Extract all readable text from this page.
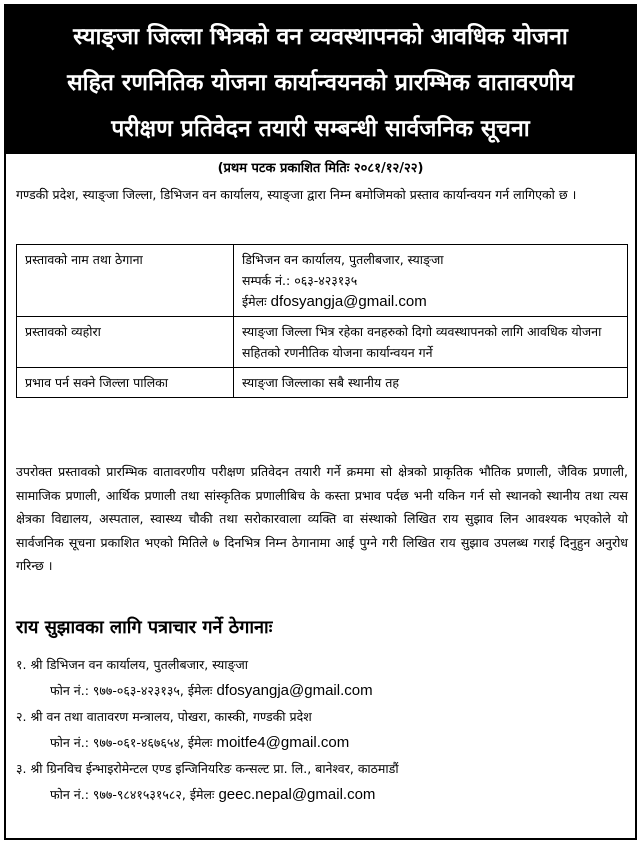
स्याङ्जा जिल्ला भित्रको वन व्यवस्थापनको आवधिक योजना
सहित रणनितिक योजना कार्यान्वयनको प्रारम्भिक वातावरणीय
परीक्षण प्रतिवेदन तयारी सम्बन्धी सार्वजनिक सूचना
(प्रथम पटक प्रकाशित मितिः २०८१/१२/२२)
गण्डकी प्रदेश, स्याङ्जा जिल्ला, डिभिजन वन कार्यालय, स्याङ्जा द्वारा निम्न बमोजिमको प्रस्ताव कार्यान्वयन गर्न लागिएको छ ।
प्रस्तावको नाम तथा ठेगाना	डिभिजन वन कार्यालय, पुतलीबजार, स्याङ्जा
सम्पर्क नं.: ०६३-४२३१३५
ईमेलः dfosyangja@gmail.com

प्रस्तावको व्यहोरा	स्याङ्जा जिल्ला भित्र रहेका वनहरुको दिगो व्यवस्थापनको लागि आवधिक योजना सहितको रणनीतिक योजना कार्यान्वयन गर्ने
प्रभाव पर्न सक्ने जिल्ला पालिका	स्याङ्जा जिल्लाका सबै स्थानीय तह
उपरोक्त प्रस्तावको प्रारम्भिक वातावरणीय परीक्षण प्रतिवेदन तयारी गर्ने क्रममा सो क्षेत्रको प्राकृतिक भौतिक प्रणाली, जैविक प्रणाली, सामाजिक प्रणाली, आर्थिक प्रणाली तथा सांस्कृतिक प्रणालीबिच के कस्ता प्रभाव पर्दछ भनी यकिन गर्न सो स्थानको स्थानीय तथा त्यस क्षेत्रका विद्यालय, अस्पताल, स्वास्थ्य चौकी तथा सरोकारवाला व्यक्ति वा संस्थाको लिखित राय सुझाव लिन आवश्यक भएकोले यो सार्वजनिक सूचना प्रकाशित भएको मितिले ७ दिनभित्र निम्न ठेगानामा आई पुग्ने गरी लिखित राय सुझाव उपलब्ध गराई दिनुहुन अनुरोध गरिन्छ ।
राय सुझावका लागि पत्राचार गर्ने ठेगानाः
१. श्री डिभिजन वन कार्यालय, पुतलीबजार, स्याङ्जा
फोन नं.: ९७७-०६३-४२३१३५, ईमेलः dfosyangja@gmail.com
२. श्री वन तथा वातावरण मन्त्रालय, पोखरा, कास्की, गण्डकी प्रदेश
फोन नं.: ९७७-०६१-४६७६५४, ईमेलः moitfe4@gmail.com
३. श्री ग्रिनविच ईन्भाइरोमेन्टल एण्ड इन्जिनियरिङ कन्सल्ट प्रा. लि., बानेश्वर, काठमाडौं
फोन नं.: ९७७-९८४१५३१५८२, ईमेलः geec.nepal@gmail.com
